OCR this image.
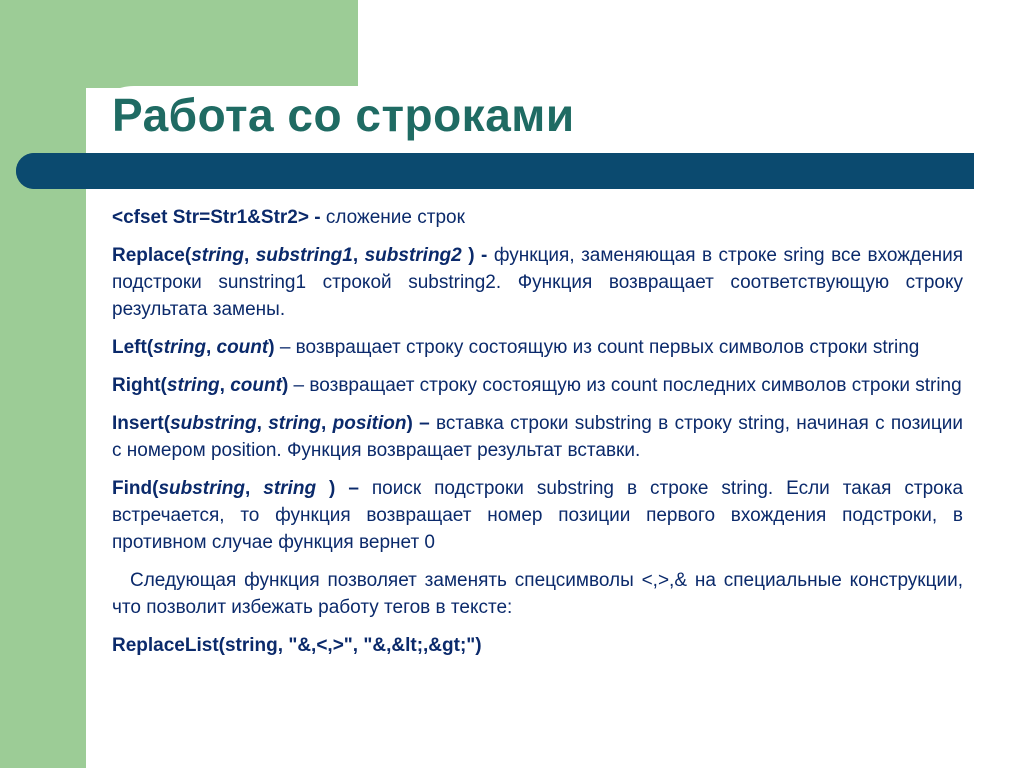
Работа со строками

<cfset Str=Str1&Str2> - сложение строк

Replace(string, substring1, substring2 ) - функция, заменяющая в строке sring все вхождения подстроки sunstring1 строкой substring2. Функция возвращает соответствующую строку результата замены.

Left(string, count) – возвращает строку состоящую из count первых символов строки string

Right(string, count) – возвращает строку состоящую из count последних символов строки string

Insert(substring, string, position) – вставка строки substring в строку string, начиная с позиции с номером position. Функция возвращает результат вставки.

Find(substring, string ) – поиск подстроки substring в строке string. Если такая строка встречается, то функция возвращает номер позиции первого вхождения подстроки, в противном случае функция вернет 0

Следующая функция позволяет заменять спецсимволы <,>,& на специальные конструкции, что позволит избежать работу тегов в тексте:

ReplaceList(string, "&,<,>", "&,&lt;,&gt;")
